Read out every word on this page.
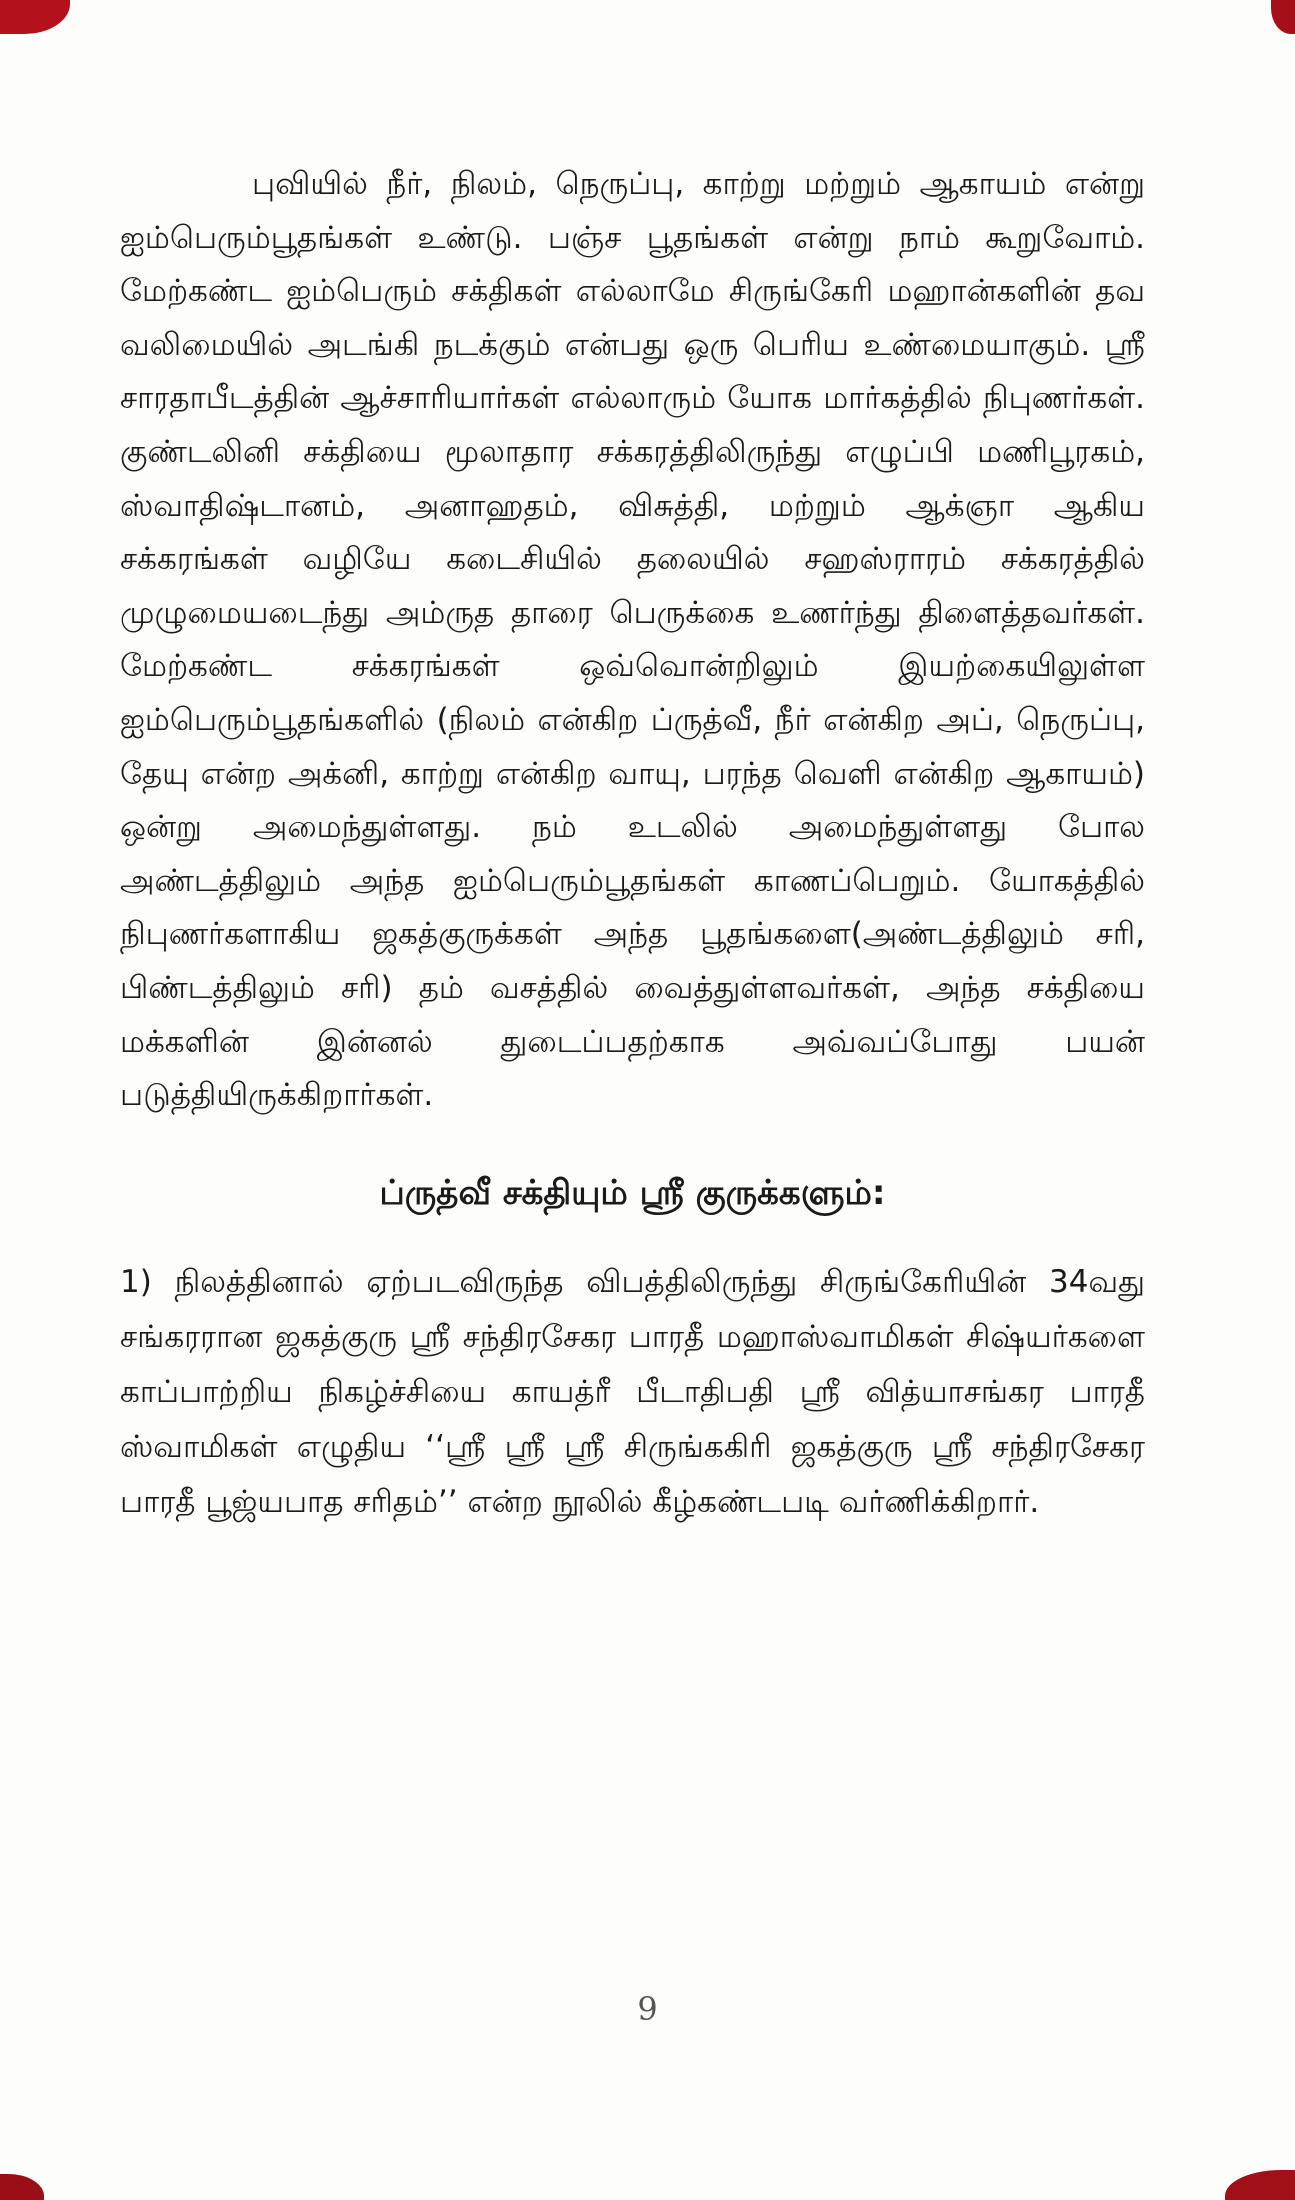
புவியில் நீர், நிலம், நெருப்பு, காற்று மற்றும் ஆகாயம் என்று ஐம்பெரும்பூதங்கள் உண்டு. பஞ்ச பூதங்கள் என்று நாம் கூறுவோம். மேற்கண்ட ஐம்பெரும் சக்திகள் எல்லாமே சிருங்கேரி மஹான்களின் தவ வலிமையில் அடங்கி நடக்கும் என்பது ஒரு பெரிய உண்மையாகும். ஸ்ரீ சாரதாபீடத்தின் ஆச்சாரியார்கள் எல்லாரும் யோக மார்கத்தில் நிபுணர்கள். குண்டலினி சக்தியை மூலாதார சக்கரத்திலிருந்து எழுப்பி மணிபூரகம், ஸ்வாதிஷ்டானம், அனாஹதம், விசுத்தி, மற்றும் ஆக்ஞா ஆகிய சக்கரங்கள் வழியே கடைசியில் தலையில் சஹஸ்ராரம் சக்கரத்தில் முழுமையடைந்து அம்ருத தாரை பெருக்கை உணர்ந்து திளைத்தவர்கள். மேற்கண்ட சக்கரங்கள் ஒவ்வொன்றிலும் இயற்கையிலுள்ள ஐம்பெரும்பூதங்களில் (நிலம் என்கிற ப்ருத்வீ, நீர் என்கிற அப், நெருப்பு, தேயு என்ற அக்னி, காற்று என்கிற வாயு, பரந்த வெளி என்கிற ஆகாயம்) ஒன்று அமைந்துள்ளது. நம் உடலில் அமைந்துள்ளது போல அண்டத்திலும் அந்த ஐம்பெரும்பூதங்கள் காணப்பெறும். யோகத்தில் நிபுணர்களாகிய ஜகத்குருக்கள் அந்த பூதங்களை(அண்டத்திலும் சரி, பிண்டத்திலும் சரி) தம் வசத்தில் வைத்துள்ளவர்கள், அந்த சக்தியை மக்களின் இன்னல் துடைப்பதற்காக அவ்வப்போது பயன் படுத்தியிருக்கிறார்கள்.

ப்ருத்வீ சக்தியும் ஸ்ரீ குருக்களும்:

1) நிலத்தினால் ஏற்படவிருந்த விபத்திலிருந்து சிருங்கேரியின் 34வது சங்கரரான ஜகத்குரு ஸ்ரீ சந்திரசேகர பாரதீ மஹாஸ்வாமிகள் சிஷ்யர்களை காப்பாற்றிய நிகழ்ச்சியை காயத்ரீ பீடாதிபதி ஸ்ரீ வித்யாசங்கர பாரதீ ஸ்வாமிகள் எழுதிய ‘‘ஸ்ரீ ஸ்ரீ ஸ்ரீ சிருங்ககிரி ஜகத்குரு ஸ்ரீ சந்திரசேகர பாரதீ பூஜ்யபாத சரிதம்’’ என்ற நூலில் கீழ்கண்டபடி வர்ணிக்கிறார்.

9
